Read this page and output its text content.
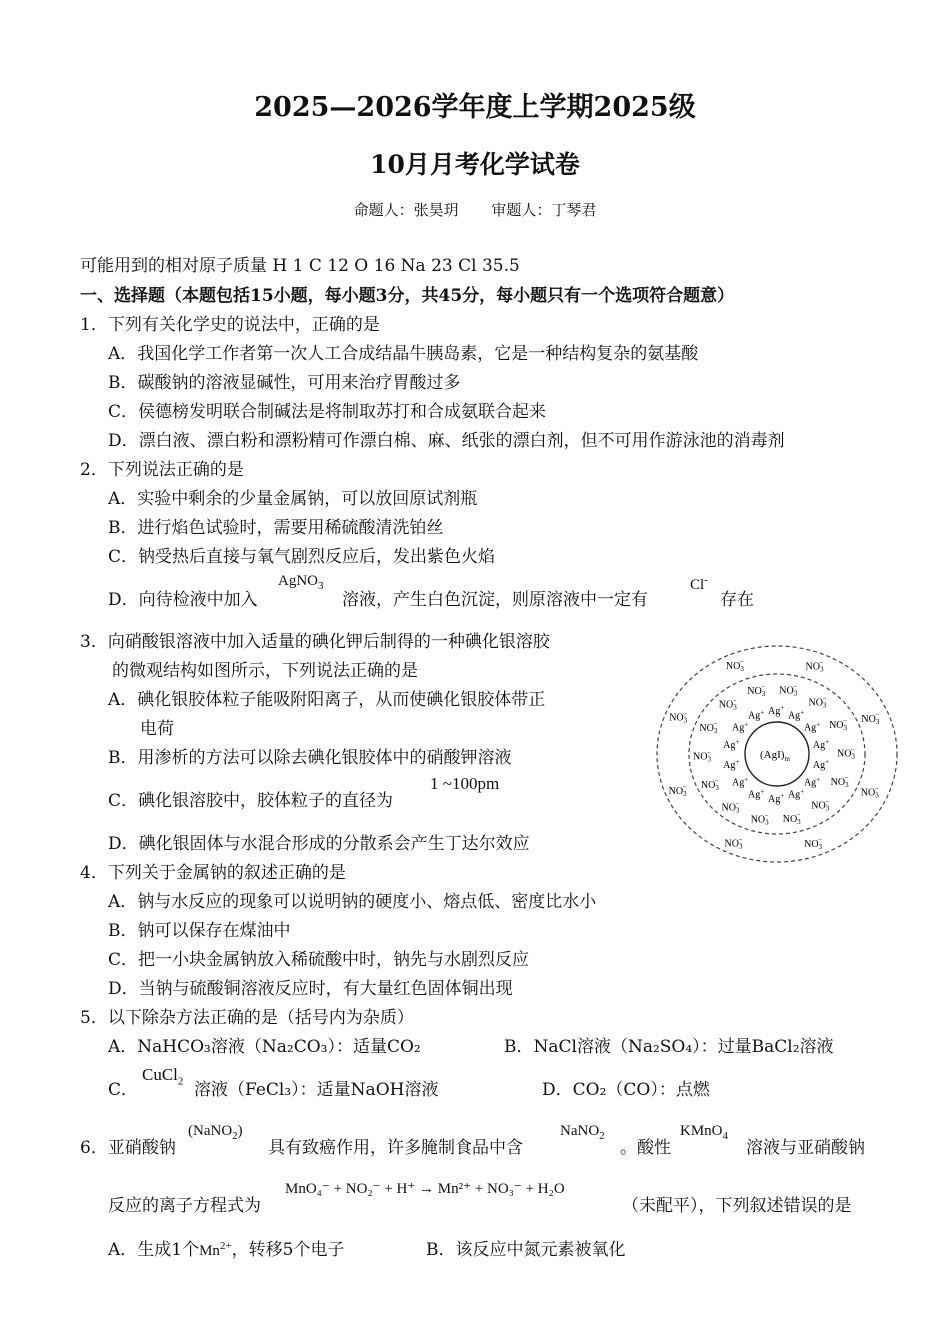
2025—2026学年度上学期2025级
10月月考化学试卷
命题人：张昊玥 审题人：丁琴君
可能用到的相对原子质量 H 1 C 12 O 16 Na 23 Cl 35.5
一、选择题（本题包括15小题，每小题3分，共45分，每小题只有一个选项符合题意）
1．下列有关化学史的说法中，正确的是
A．我国化学工作者第一次人工合成结晶牛胰岛素，它是一种结构复杂的氨基酸
B．碳酸钠的溶液显碱性，可用来治疗胃酸过多
C．侯德榜发明联合制碱法是将制取苏打和合成氨联合起来
D．漂白液、漂白粉和漂粉精可作漂白棉、麻、纸张的漂白剂，但不可用作游泳池的消毒剂
2．下列说法正确的是
A．实验中剩余的少量金属钠，可以放回原试剂瓶
B．进行焰色试验时，需要用稀硫酸清洗铂丝
C．钠受热后直接与氧气剧烈反应后，发出紫色火焰
D．向待检液中加入
AgNO$_3$
溶液，产生白色沉淀，则原溶液中一定有
Cl-
存在
3．向硝酸银溶液中加入适量的碘化钾后制得的一种碘化银溶胶
的微观结构如图所示，下列说法正确的是
A．碘化银胶体粒子能吸附阳离子，从而使碘化银胶体带正
电荷
B．用渗析的方法可以除去碘化银胶体中的硝酸钾溶液
1 ~100pm
C．碘化银溶胶中，胶体粒子的直径为
D．碘化银固体与水混合形成的分散系会产生丁达尔效应
$(AgI)_m$
Ag+
Ag+
Ag+
Ag+
Ag+
Ag+
Ag+
Ag+
Ag+
Ag+
Ag+
Ag+
Ag+
Ag+
$NO_3-$
$NO_3-$
$NO_3-$
$NO_3-$
$NO_3-$
$NO_3-$
$NO_3-$
$NO_3-$
$NO_3-$
$NO_3-$
$NO_3-$
$NO_3-$
$NO_3-$
$NO_3-$
$NO_3-$
$NO_3-$
$NO_3-$
$NO_3-$
$NO_3-$
$NO_3-$
$NO_3-$
$NO_3-$
4．下列关于金属钠的叙述正确的是
A．钠与水反应的现象可以说明钠的硬度小、熔点低、密度比水小
B．钠可以保存在煤油中
C．把一小块金属钠放入稀硫酸中时，钠先与水剧烈反应
D．当钠与硫酸铜溶液反应时，有大量红色固体铜出现
5．以下除杂方法正确的是（括号内为杂质）
A．NaHCO₃溶液（Na₂CO₃）：适量CO₂	B．NaCl溶液（Na₂SO₄）：过量BaCl₂溶液
C．
CuCl$_2$ 溶液（FeCl₃）：适量NaOH溶液	D．CO₂（CO）：点燃
6．亚硝酸钠
(NaNO$_2$)
具有致癌作用，许多腌制食品中含
NaNO$_2$
。酸性
KMnO$_4$
溶液与亚硝酸钠
反应的离子方程式为
MnO₄⁻ + NO₂⁻ + H⁺ → Mn²⁺ + NO₃⁻ + H₂O
（未配平），下列叙述错误的是
A．生成1个$Mn^{2+}$，转移5个电子	B．该反应中氮元素被氧化
